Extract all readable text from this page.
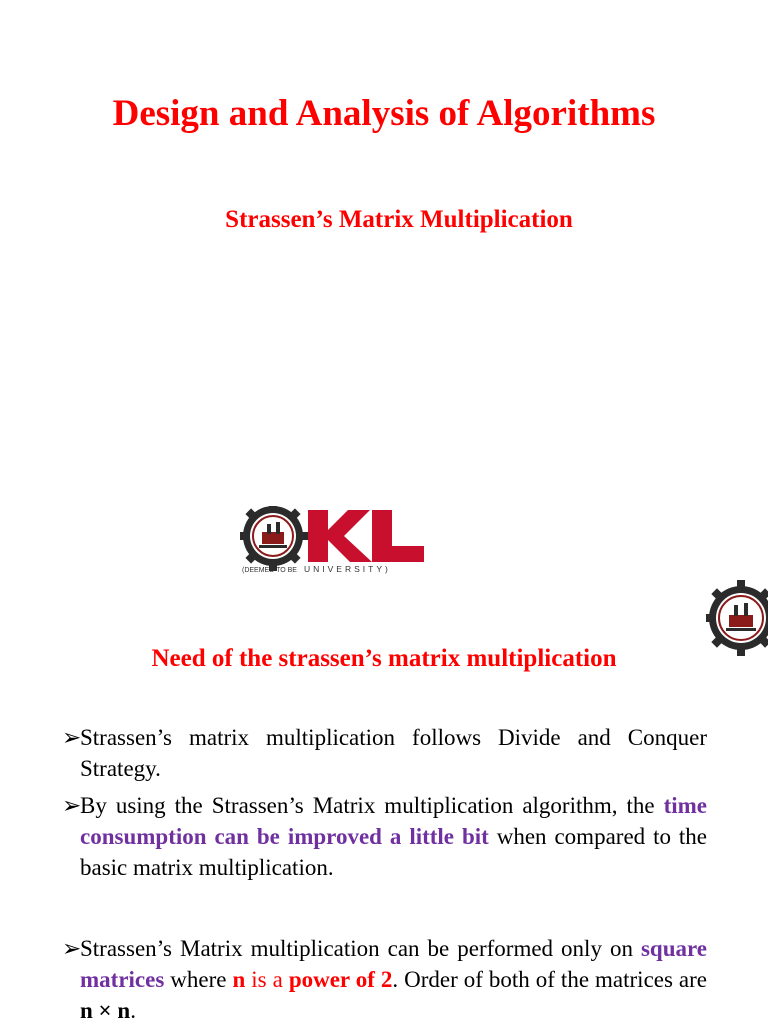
Design and Analysis of Algorithms
Strassen’s Matrix Multiplication
(DEEMED TO BE UNIVERSITY)
Need of the strassen’s matrix multiplication
➢
Strassen’s matrix multiplication follows Divide and Conquer Strategy.
➢
By using the Strassen’s Matrix multiplication algorithm, the time consumption can be improved a little bit when compared to the basic matrix multiplication.
➢
Strassen’s Matrix multiplication can be performed only on square matrices where n is a power of 2. Order of both of the matrices are n × n.
